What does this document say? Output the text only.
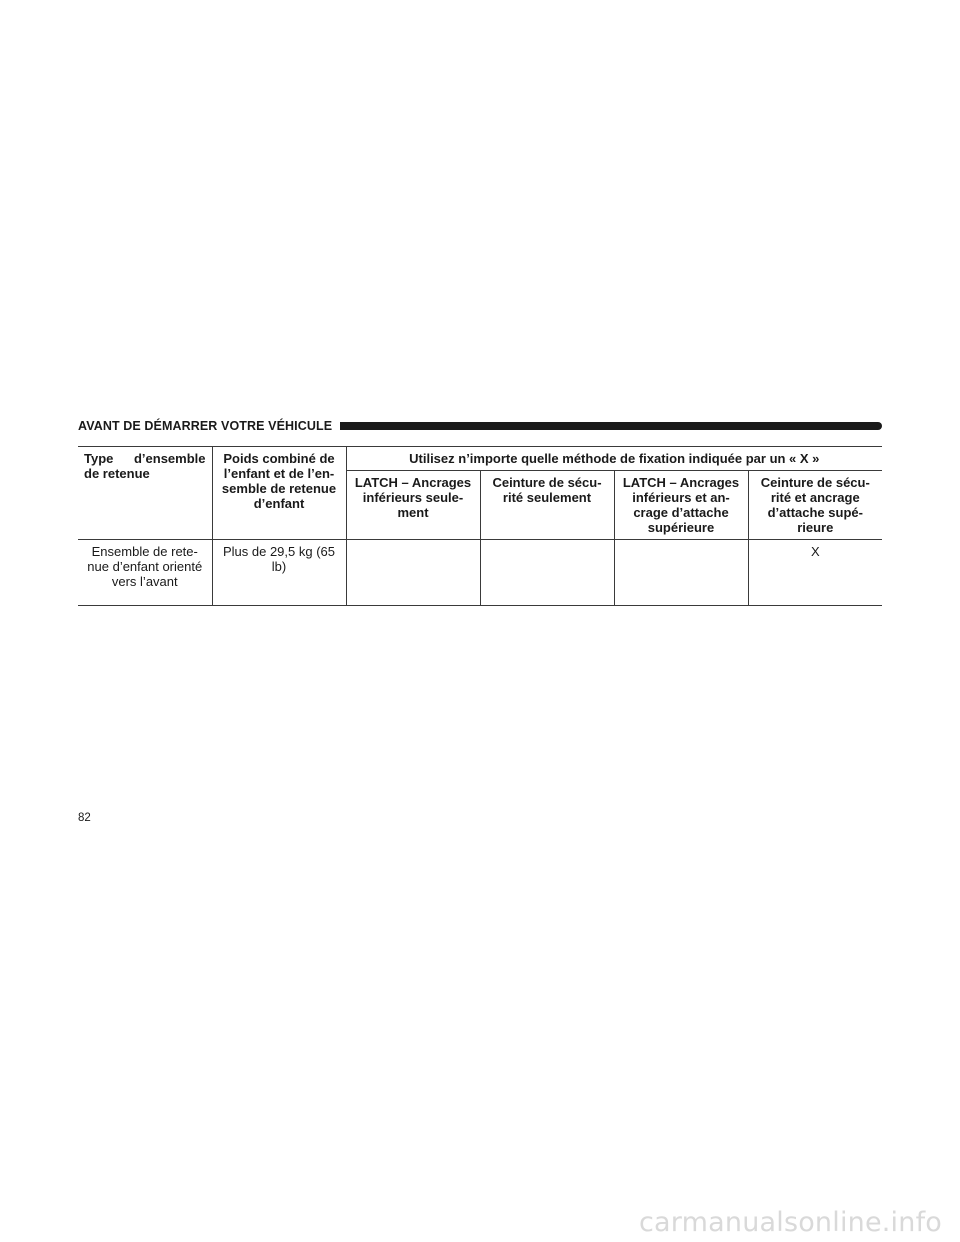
AVANT DE DÉMARRER VOTRE VÉHICULE
Type d’ensemble de retenue	Poids combiné de l’enfant et de l’en-semble de retenue d’enfant	Utilisez n’importe quelle méthode de fixation indiquée par un « X »			
		LATCH – Ancrages inférieurs seule-ment	Ceinture de sécu-rité seulement	LATCH – Ancrages inférieurs et an-crage d’attache supérieure	Ceinture de sécu-rité et ancrage d’attache supé-rieure
Ensemble de rete-nue d’enfant orienté vers l’avant	Plus de 29,5 kg (65 lb)				X
82
carmanualsonline.info
